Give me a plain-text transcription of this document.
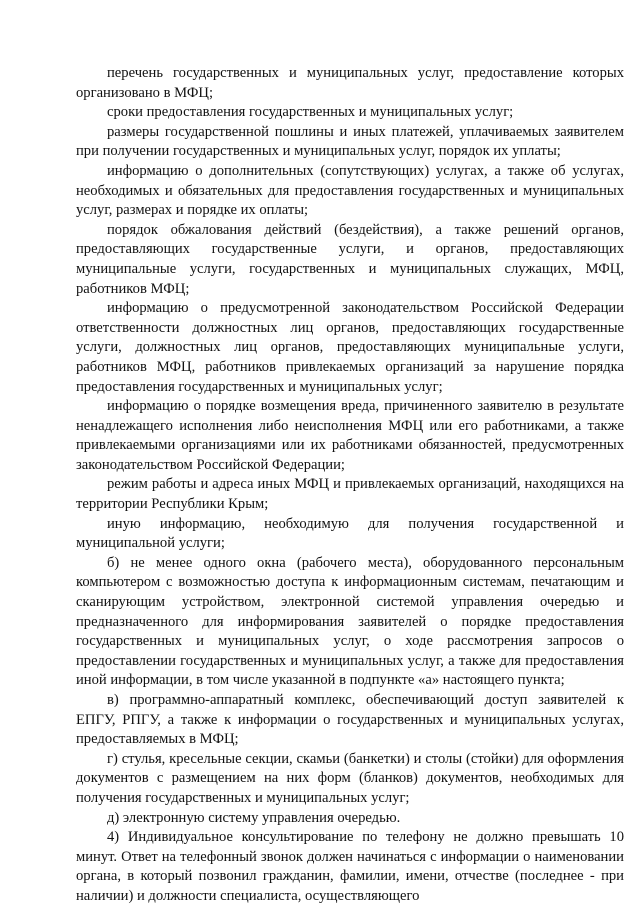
перечень государственных и муниципальных услуг, предоставление которых организовано в МФЦ;

сроки предоставления государственных и муниципальных услуг;

размеры государственной пошлины и иных платежей, уплачиваемых заявителем при получении государственных и муниципальных услуг, порядок их уплаты;

информацию о дополнительных (сопутствующих) услугах, а также об услугах, необходимых и обязательных для предоставления государственных и муниципальных услуг, размерах и порядке их оплаты;

порядок обжалования действий (бездействия), а также решений органов, предоставляющих государственные услуги, и органов, предоставляющих муниципальные услуги, государственных и муниципальных служащих, МФЦ, работников МФЦ;

информацию о предусмотренной законодательством Российской Федерации ответственности должностных лиц органов, предоставляющих государственные услуги, должностных лиц органов, предоставляющих муниципальные услуги, работников МФЦ, работников привлекаемых организаций за нарушение порядка предоставления государственных и муниципальных услуг;

информацию о порядке возмещения вреда, причиненного заявителю в результате ненадлежащего исполнения либо неисполнения МФЦ или его работниками, а также привлекаемыми организациями или их работниками обязанностей, предусмотренных законодательством Российской Федерации;

режим работы и адреса иных МФЦ и привлекаемых организаций, находящихся на территории Республики Крым;

иную информацию, необходимую для получения государственной и муниципальной услуги;

б) не менее одного окна (рабочего места), оборудованного персональным компьютером с возможностью доступа к информационным системам, печатающим и сканирующим устройством, электронной системой управления очередью и предназначенного для информирования заявителей о порядке предоставления государственных и муниципальных услуг, о ходе рассмотрения запросов о предоставлении государственных и муниципальных услуг, а также для предоставления иной информации, в том числе указанной в подпункте «а» настоящего пункта;

в) программно-аппаратный комплекс, обеспечивающий доступ заявителей к ЕПГУ, РПГУ, а также к информации о государственных и муниципальных услугах, предоставляемых в МФЦ;

г) стулья, кресельные секции, скамьи (банкетки) и столы (стойки) для оформления документов с размещением на них форм (бланков) документов, необходимых для получения государственных и муниципальных услуг;

д) электронную систему управления очередью.

4) Индивидуальное консультирование по телефону не должно превышать 10 минут. Ответ на телефонный звонок должен начинаться с информации о наименовании органа, в который позвонил гражданин, фамилии, имени, отчестве (последнее - при наличии) и должности специалиста, осуществляющего
